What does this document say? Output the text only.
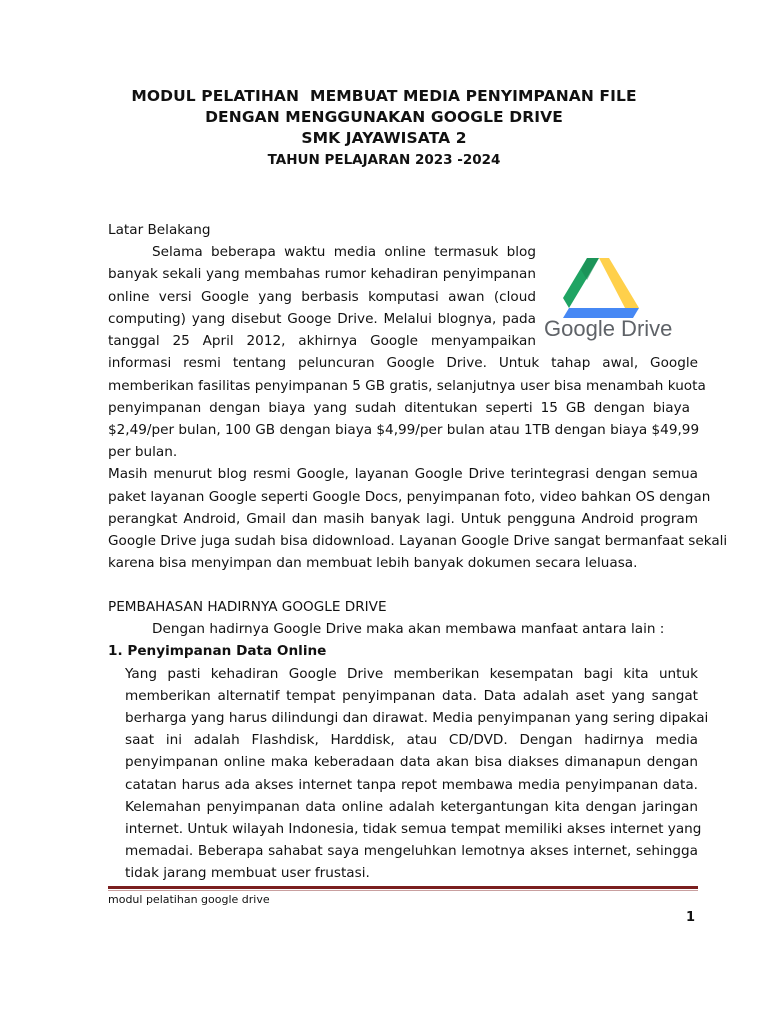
MODUL PELATIHAN  MEMBUAT MEDIA PENYIMPANAN FILE
DENGAN MENGGUNAKAN GOOGLE DRIVE
SMK JAYAWISATA 2
TAHUN PELAJARAN 2023 -2024
Latar Belakang
Selama beberapa waktu media online termasuk blog
banyak sekali yang membahas rumor kehadiran penyimpanan
online versi Google yang berbasis komputasi awan (cloud
computing) yang disebut Googe Drive. Melalui blognya, pada
tanggal 25 April 2012, akhirnya Google menyampaikan
informasi resmi tentang peluncuran Google Drive. Untuk tahap awal, Google
memberikan fasilitas penyimpanan 5 GB gratis, selanjutnya user bisa menambah kuota
penyimpanan dengan biaya yang sudah ditentukan seperti 15 GB dengan biaya
$2,49/per bulan, 100 GB dengan biaya $4,99/per bulan atau 1TB dengan biaya $49,99
per bulan.
Masih menurut blog resmi Google, layanan Google Drive terintegrasi dengan semua
paket layanan Google seperti Google Docs, penyimpanan foto, video bahkan OS dengan
perangkat Android, Gmail dan masih banyak lagi. Untuk pengguna Android program
Google Drive juga sudah bisa didownload. Layanan Google Drive sangat bermanfaat sekali
karena bisa menyimpan dan membuat lebih banyak dokumen secara leluasa.
Google Drive
PEMBAHASAN HADIRNYA GOOGLE DRIVE
Dengan hadirnya Google Drive maka akan membawa manfaat antara lain :
1. Penyimpanan Data Online
Yang pasti kehadiran Google Drive memberikan kesempatan bagi kita untuk
memberikan alternatif tempat penyimpanan data. Data adalah aset yang sangat
berharga yang harus dilindungi dan dirawat. Media penyimpanan yang sering dipakai
saat ini adalah Flashdisk, Harddisk, atau CD/DVD. Dengan hadirnya media
penyimpanan online maka keberadaan data akan bisa diakses dimanapun dengan
catatan harus ada akses internet tanpa repot membawa media penyimpanan data.
Kelemahan penyimpanan data online adalah ketergantungan kita dengan jaringan
internet. Untuk wilayah Indonesia, tidak semua tempat memiliki akses internet yang
memadai. Beberapa sahabat saya mengeluhkan lemotnya akses internet, sehingga
tidak jarang membuat user frustasi.
modul pelatihan google drive
1
